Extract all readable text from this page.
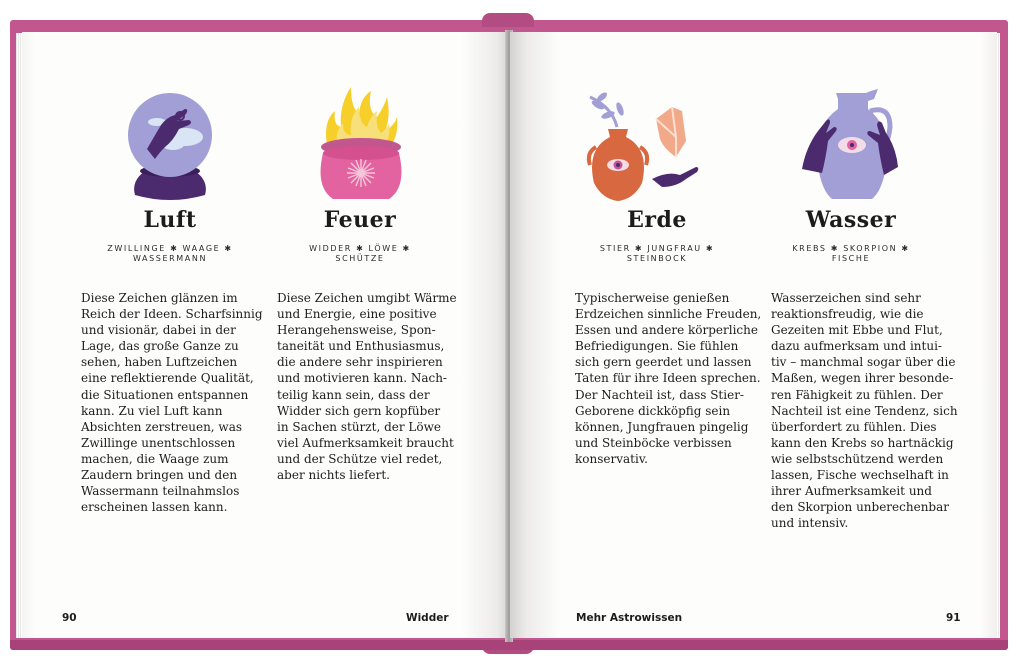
Luft
ZWILLINGE ✱ WAAGE ✱
WASSERMANN
Diese Zeichen glänzen im
Reich der Ideen. Scharfsinnig
und visionär, dabei in der
Lage, das große Ganze zu
sehen, haben Luftzeichen
eine reflektierende Qualität,
die Situationen entspannen
kann. Zu viel Luft kann
Absichten zerstreuen, was
Zwillinge unentschlossen
machen, die Waage zum
Zaudern bringen und den
Wassermann teilnahmslos
erscheinen lassen kann.
Feuer
WIDDER ✱ LÖWE ✱
SCHÜTZE
Diese Zeichen umgibt Wärme
und Energie, eine positive
Herangehensweise, Spon-
taneität und Enthusiasmus,
die andere sehr inspirieren
und motivieren kann. Nach-
teilig kann sein, dass der
Widder sich gern kopfüber
in Sachen stürzt, der Löwe
viel Aufmerksamkeit braucht
und der Schütze viel redet,
aber nichts liefert.
90	Widder
Erde
STIER ✱ JUNGFRAU ✱
STEINBOCK
Typischerweise genießen
Erdzeichen sinnliche Freuden,
Essen und andere körperliche
Befriedigungen. Sie fühlen
sich gern geerdet und lassen
Taten für ihre Ideen sprechen.
Der Nachteil ist, dass Stier-
Geborene dickköpfig sein
können, Jungfrauen pingelig
und Steinböcke verbissen
konservativ.
Wasser
KREBS ✱ SKORPION ✱
FISCHE
Wasserzeichen sind sehr
reaktionsfreudig, wie die
Gezeiten mit Ebbe und Flut,
dazu aufmerksam und intui-
tiv – manchmal sogar über die
Maßen, wegen ihrer besonde-
ren Fähigkeit zu fühlen. Der
Nachteil ist eine Tendenz, sich
überfordert zu fühlen. Dies
kann den Krebs so hartnäckig
wie selbstschützend werden
lassen, Fische wechselhaft in
ihrer Aufmerksamkeit und
den Skorpion unberechenbar
und intensiv.
Mehr Astrowissen	91
